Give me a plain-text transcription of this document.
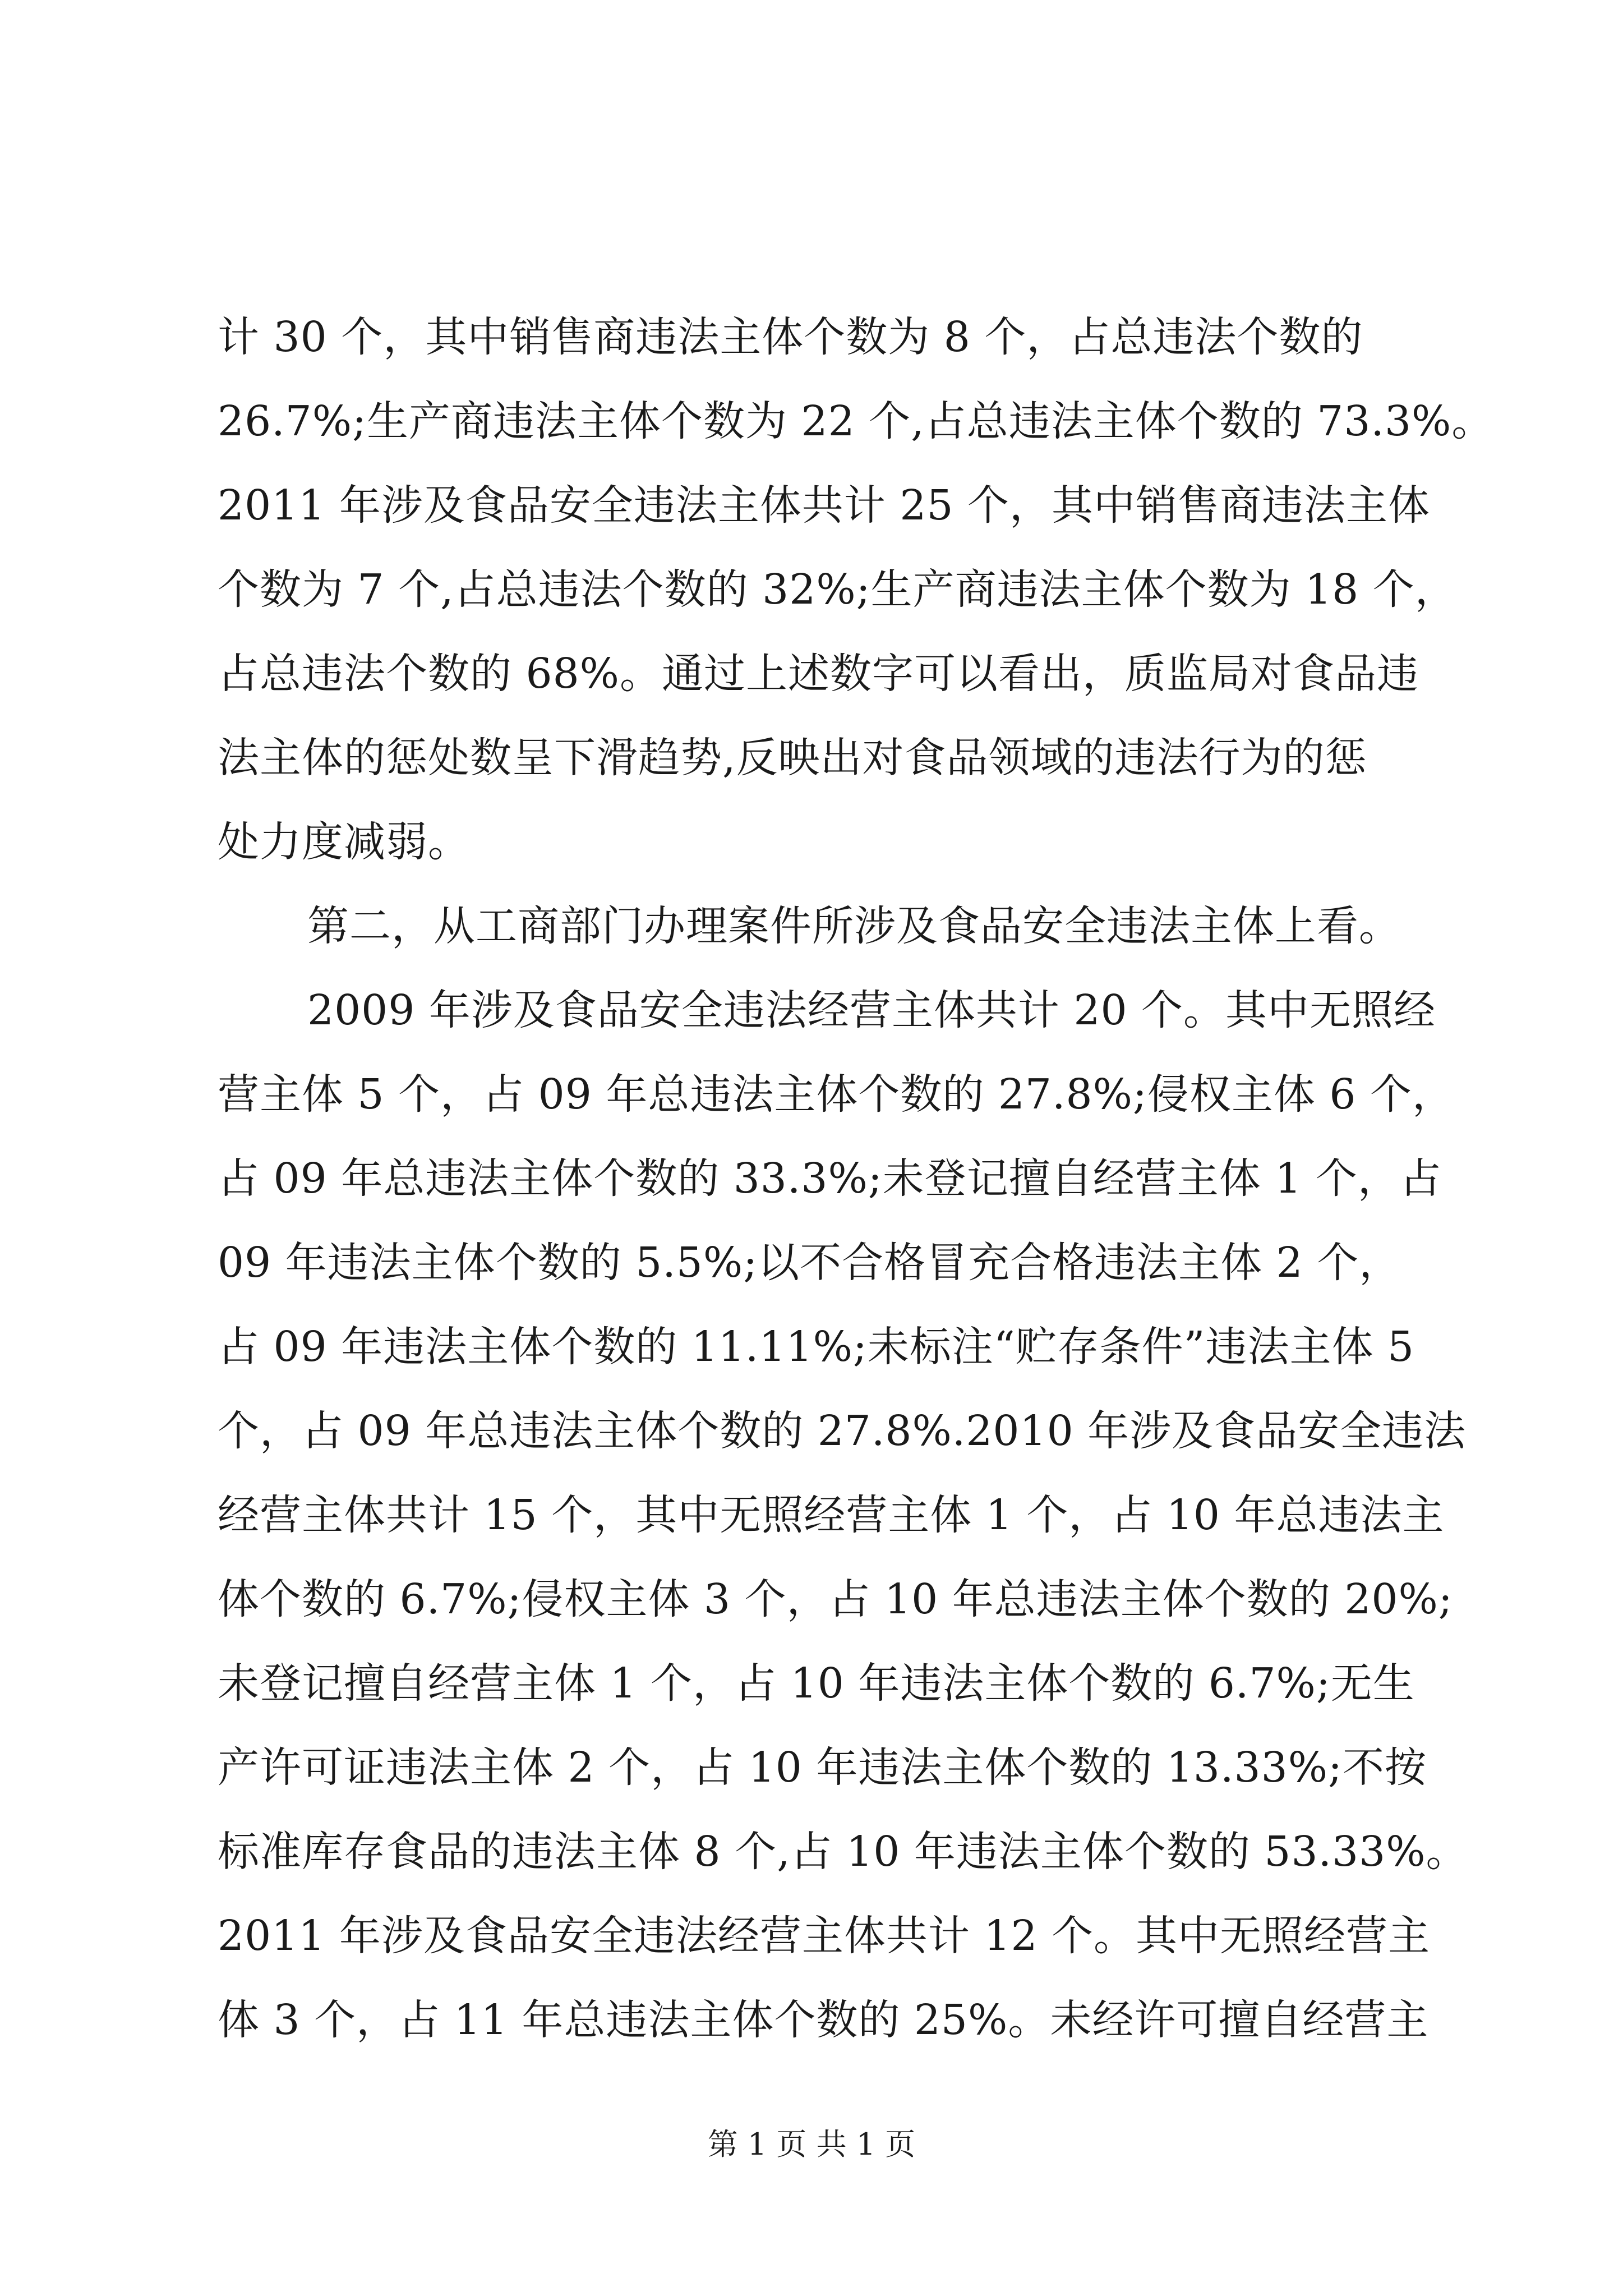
计 30 个，其中销售商违法主体个数为 8 个，占总违法个数的
26.7%;生产商违法主体个数为 22 个,占总违法主体个数的 73.3%。
2011 年涉及食品安全违法主体共计 25 个，其中销售商违法主体
个数为 7 个,占总违法个数的 32%;生产商违法主体个数为 18 个，
占总违法个数的 68%。通过上述数字可以看出，质监局对食品违
法主体的惩处数呈下滑趋势,反映出对食品领域的违法行为的惩
处力度减弱。
第二，从工商部门办理案件所涉及食品安全违法主体上看。
2009 年涉及食品安全违法经营主体共计 20 个。其中无照经
营主体 5 个，占 09 年总违法主体个数的 27.8%;侵权主体 6 个，
占 09 年总违法主体个数的 33.3%;未登记擅自经营主体 1 个，占
09 年违法主体个数的 5.5%;以不合格冒充合格违法主体 2 个，
占 09 年违法主体个数的 11.11%;未标注“贮存条件”违法主体 5
个，占 09 年总违法主体个数的 27.8%.2010 年涉及食品安全违法
经营主体共计 15 个，其中无照经营主体 1 个，占 10 年总违法主
体个数的 6.7%;侵权主体 3 个，占 10 年总违法主体个数的 20%;
未登记擅自经营主体 1 个，占 10 年违法主体个数的 6.7%;无生
产许可证违法主体 2 个，占 10 年违法主体个数的 13.33%;不按
标准库存食品的违法主体 8 个,占 10 年违法主体个数的 53.33%。
2011 年涉及食品安全违法经营主体共计 12 个。其中无照经营主
体 3 个，占 11 年总违法主体个数的 25%。未经许可擅自经营主
第 1 页 共 1 页
